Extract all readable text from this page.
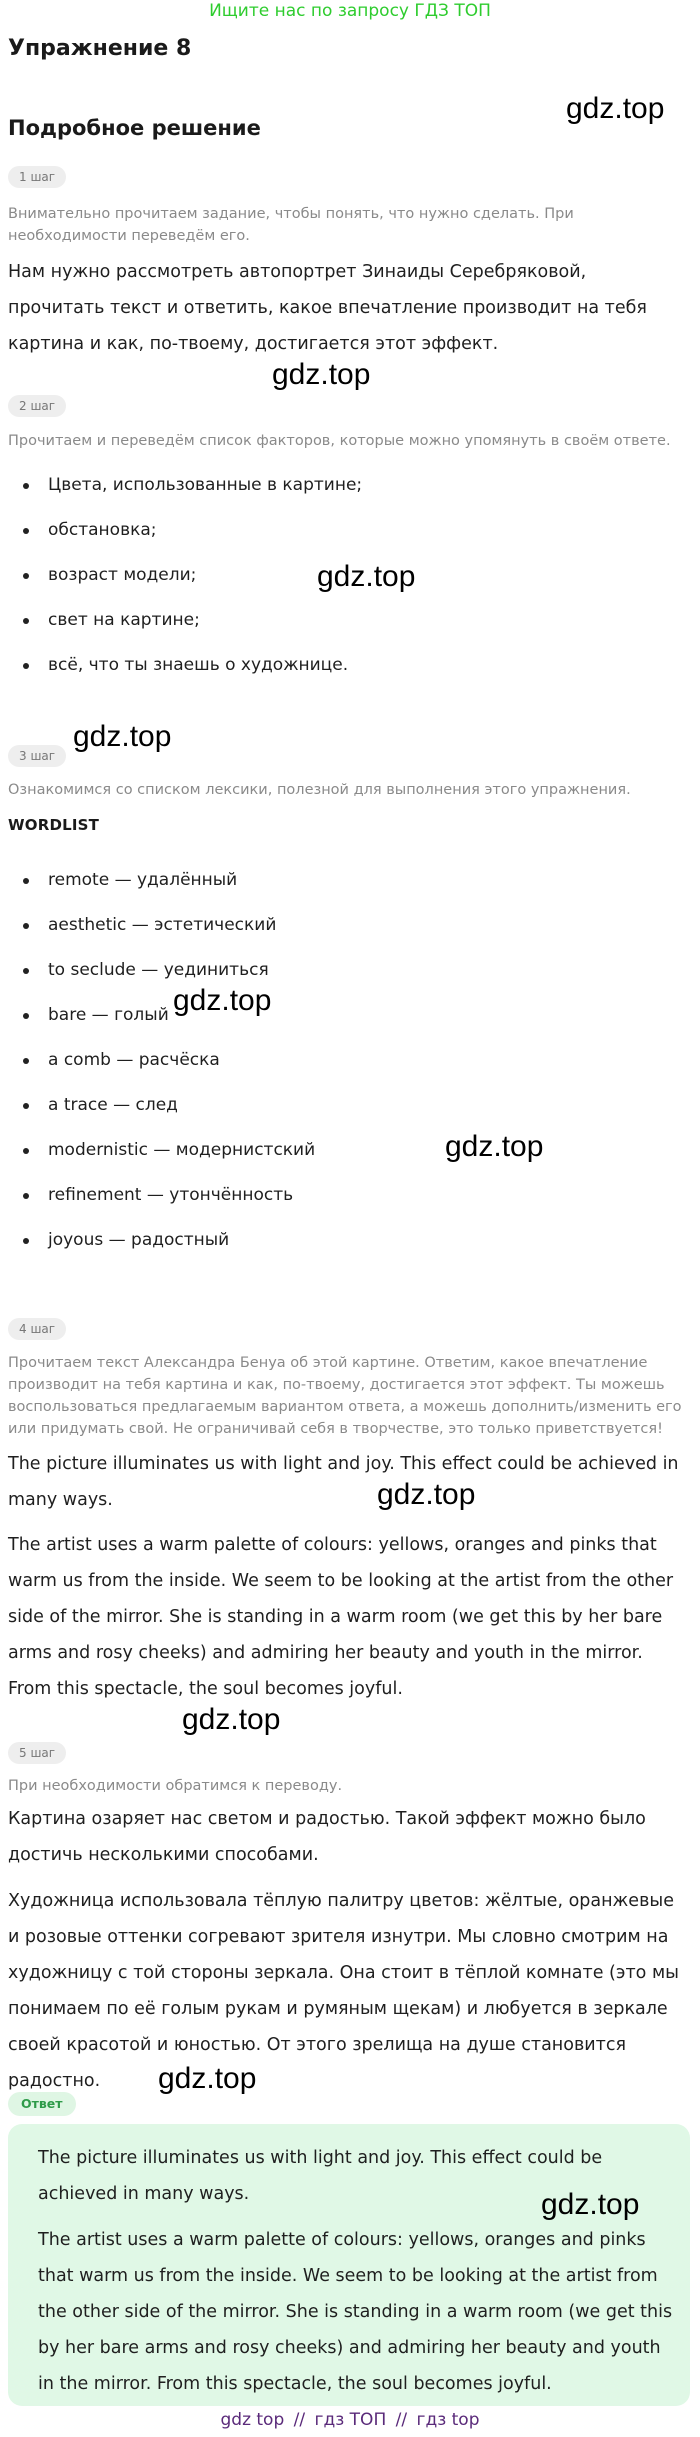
Ищите нас по запросу ГДЗ ТОП
Упражнение 8
gdz.top
Подробное решение
1 шаг
Внимательно прочитаем задание, чтобы понять, что нужно сделать. При необходимости переведём его.
Нам нужно рассмотреть автопортрет Зинаиды Серебряковой, прочитать текст и ответить, какое впечатление производит на тебя картина и как, по-твоему, достигается этот эффект.
gdz.top
2 шаг
Прочитаем и переведём список факторов, которые можно упомянуть в своём ответе.
Цвета, использованные в картине;
обстановка;
возраст модели;	gdz.top
свет на картине;
всё, что ты знаешь о художнице.
gdz.top
3 шаг
Ознакомимся со списком лексики, полезной для выполнения этого упражнения.
WORDLIST
remote — удалённый
aesthetic — эстетический
to seclude — уединиться
gdz.top
bare — голый
a comb — расчёска
a trace — след
modernistic — модернистский	gdz.top
refinement — утончённость
joyous — радостный
4 шаг
Прочитаем текст Александра Бенуа об этой картине. Ответим, какое впечатление производит на тебя картина и как, по-твоему, достигается этот эффект. Ты можешь воспользоваться предлагаемым вариантом ответа, а можешь дополнить/изменить его или придумать свой. Не ограничивай себя в творчестве, это только приветствуется!
The picture illuminates us with light and joy. This effect could be achieved in many ways.	gdz.top
The artist uses a warm palette of colours: yellows, oranges and pinks that warm us from the inside. We seem to be looking at the artist from the other side of the mirror. She is standing in a warm room (we get this by her bare arms and rosy cheeks) and admiring her beauty and youth in the mirror. From this spectacle, the soul becomes joyful.
gdz.top
5 шаг
При необходимости обратимся к переводу.
Картина озаряет нас светом и радостью. Такой эффект можно было достичь несколькими способами.
Художница использовала тёплую палитру цветов: жёлтые, оранжевые и розовые оттенки согревают зрителя изнутри. Мы словно смотрим на художницу с той стороны зеркала. Она стоит в тёплой комнате (это мы понимаем по её голым рукам и румяным щекам) и любуется в зеркале своей красотой и юностью. От этого зрелища на душе становится радостно.	gdz.top
Ответ
The picture illuminates us with light and joy. This effect could be achieved in many ways.
The artist uses a warm palette of colours: yellows, oranges and pinks that warm us from the inside. We seem to be looking at the artist from the other side of the mirror. She is standing in a warm room (we get this by her bare arms and rosy cheeks) and admiring her beauty and youth in the mirror. From this spectacle, the soul becomes joyful.
gdz.top
gdz top // гдз ТОП // гдз top
